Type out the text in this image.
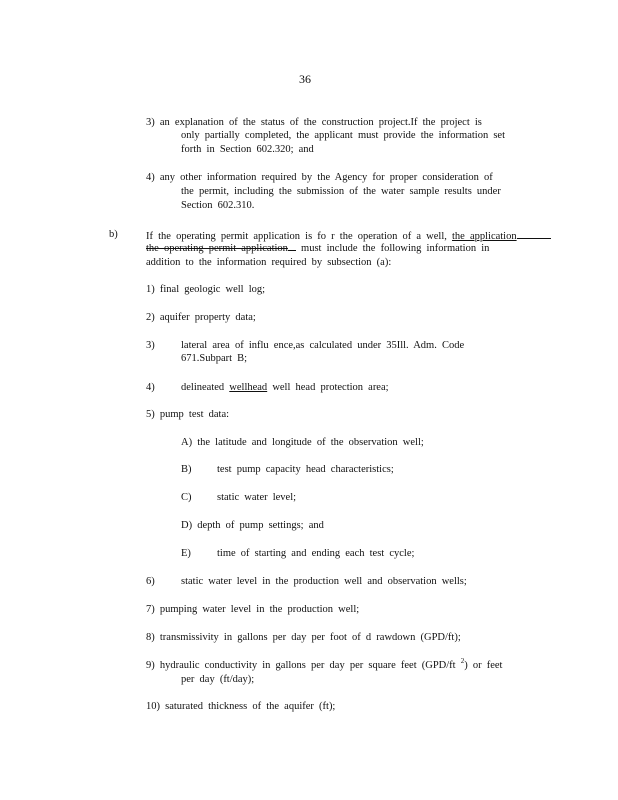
36
3) an explanation of the status of the construction project.If the project is
only partially completed, the applicant must provide the information set
forth in Section 602.320; and
4) any other information required by the Agency for proper consideration of
the permit, including the submission of the water sample results under
Section 602.310.
b)	If the operating permit application is fo r the operation of a well, the application
the operating permit application must include the following information in
addition to the information required by subsection (a):
1) final geologic well log;
2) aquifer property data;
3)	lateral area of influ ence,as calculated under 35Ill. Adm. Code
671.Subpart B;
4)	delineated wellhead well head protection area;
5) pump test data:
A) the latitude and longitude of the observation well;
B) test pump capacity head characteristics;
C) static water level;
D) depth of pump settings; and
E) time of starting and ending each test cycle;
6)	static water level in the production well and observation wells;
7) pumping water level in the production well;
8) transmissivity in gallons per day per foot of d rawdown (GPD/ft);
9) hydraulic conductivity in gallons per day per square feet (GPD/ft $^2$) or feet
per day (ft/day);
10) saturated thickness of the aquifer (ft);
